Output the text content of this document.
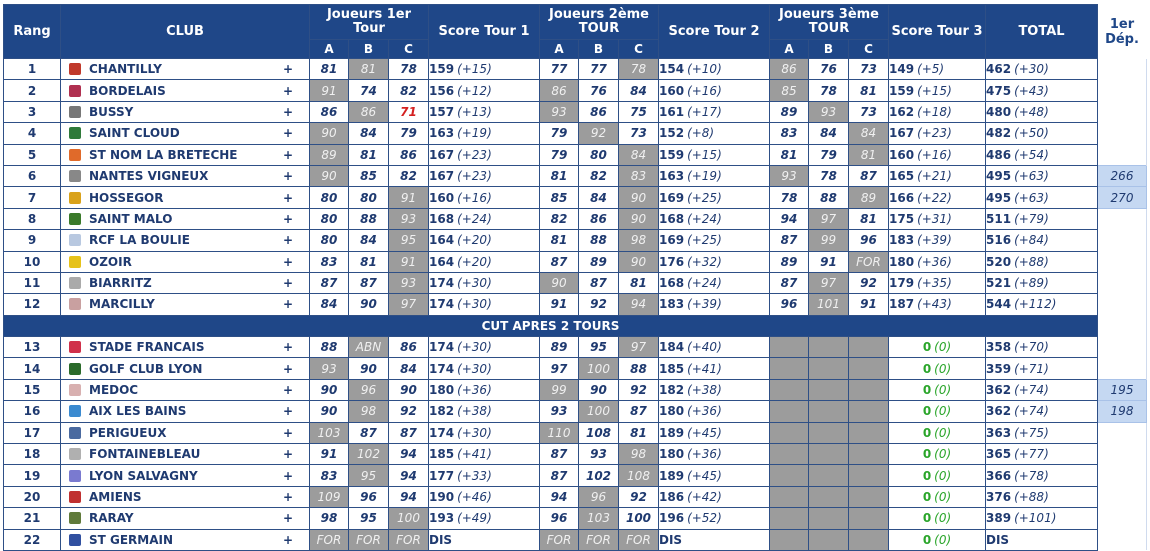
Rang	CLUB	Joueurs 1er Tour			Score Tour 1	Joueurs 2ème TOUR			Score Tour 2	Joueurs 3ème TOUR			Score Tour 3	TOTAL	1er Dép.
		A	B	C		A	B	C		A	B	C			
1	CHANTILLY +	81	81	78	159 (+15)	77	77	78	154 (+10)	86	76	73	149 (+5)	462 (+30)	
2	BORDELAIS +	91	74	82	156 (+12)	86	76	84	160 (+16)	85	78	81	159 (+15)	475 (+43)	
3	BUSSY +	86	86	71	157 (+13)	93	86	75	161 (+17)	89	93	73	162 (+18)	480 (+48)	
4	SAINT CLOUD +	90	84	79	163 (+19)	79	92	73	152 (+8)	83	84	84	167 (+23)	482 (+50)	
5	ST NOM LA BRETECHE +	89	81	86	167 (+23)	79	80	84	159 (+15)	81	79	81	160 (+16)	486 (+54)	
6	NANTES VIGNEUX +	90	85	82	167 (+23)	81	82	83	163 (+19)	93	78	87	165 (+21)	495 (+63)	266
7	HOSSEGOR +	80	80	91	160 (+16)	85	84	90	169 (+25)	78	88	89	166 (+22)	495 (+63)	270
8	SAINT MALO +	80	88	93	168 (+24)	82	86	90	168 (+24)	94	97	81	175 (+31)	511 (+79)	
9	RCF LA BOULIE +	80	84	95	164 (+20)	81	88	98	169 (+25)	87	99	96	183 (+39)	516 (+84)	
10	OZOIR +	83	81	91	164 (+20)	87	89	90	176 (+32)	89	91	FOR	180 (+36)	520 (+88)	
11	BIARRITZ +	87	87	93	174 (+30)	90	87	81	168 (+24)	87	97	92	179 (+35)	521 (+89)	
12	MARCILLY +	84	90	97	174 (+30)	91	92	94	183 (+39)	96	101	91	187 (+43)	544 (+112)	
CUT APRES 2 TOURS															
13	STADE FRANCAIS +	88	ABN	86	174 (+30)	89	95	97	184 (+40)				0 (0)	358 (+70)	
14	GOLF CLUB LYON +	93	90	84	174 (+30)	97	100	88	185 (+41)				0 (0)	359 (+71)	
15	MEDOC +	90	96	90	180 (+36)	99	90	92	182 (+38)				0 (0)	362 (+74)	195
16	AIX LES BAINS +	90	98	92	182 (+38)	93	100	87	180 (+36)				0 (0)	362 (+74)	198
17	PERIGUEUX +	103	87	87	174 (+30)	110	108	81	189 (+45)				0 (0)	363 (+75)	
18	FONTAINEBLEAU +	91	102	94	185 (+41)	87	93	98	180 (+36)				0 (0)	365 (+77)	
19	LYON SALVAGNY +	83	95	94	177 (+33)	87	102	108	189 (+45)				0 (0)	366 (+78)	
20	AMIENS +	109	96	94	190 (+46)	94	96	92	186 (+42)				0 (0)	376 (+88)	
21	RARAY +	98	95	100	193 (+49)	96	103	100	196 (+52)				0 (0)	389 (+101)	
22	ST GERMAIN +	FOR	FOR	FOR	DIS	FOR	FOR	FOR	DIS				0 (0)	DIS	
